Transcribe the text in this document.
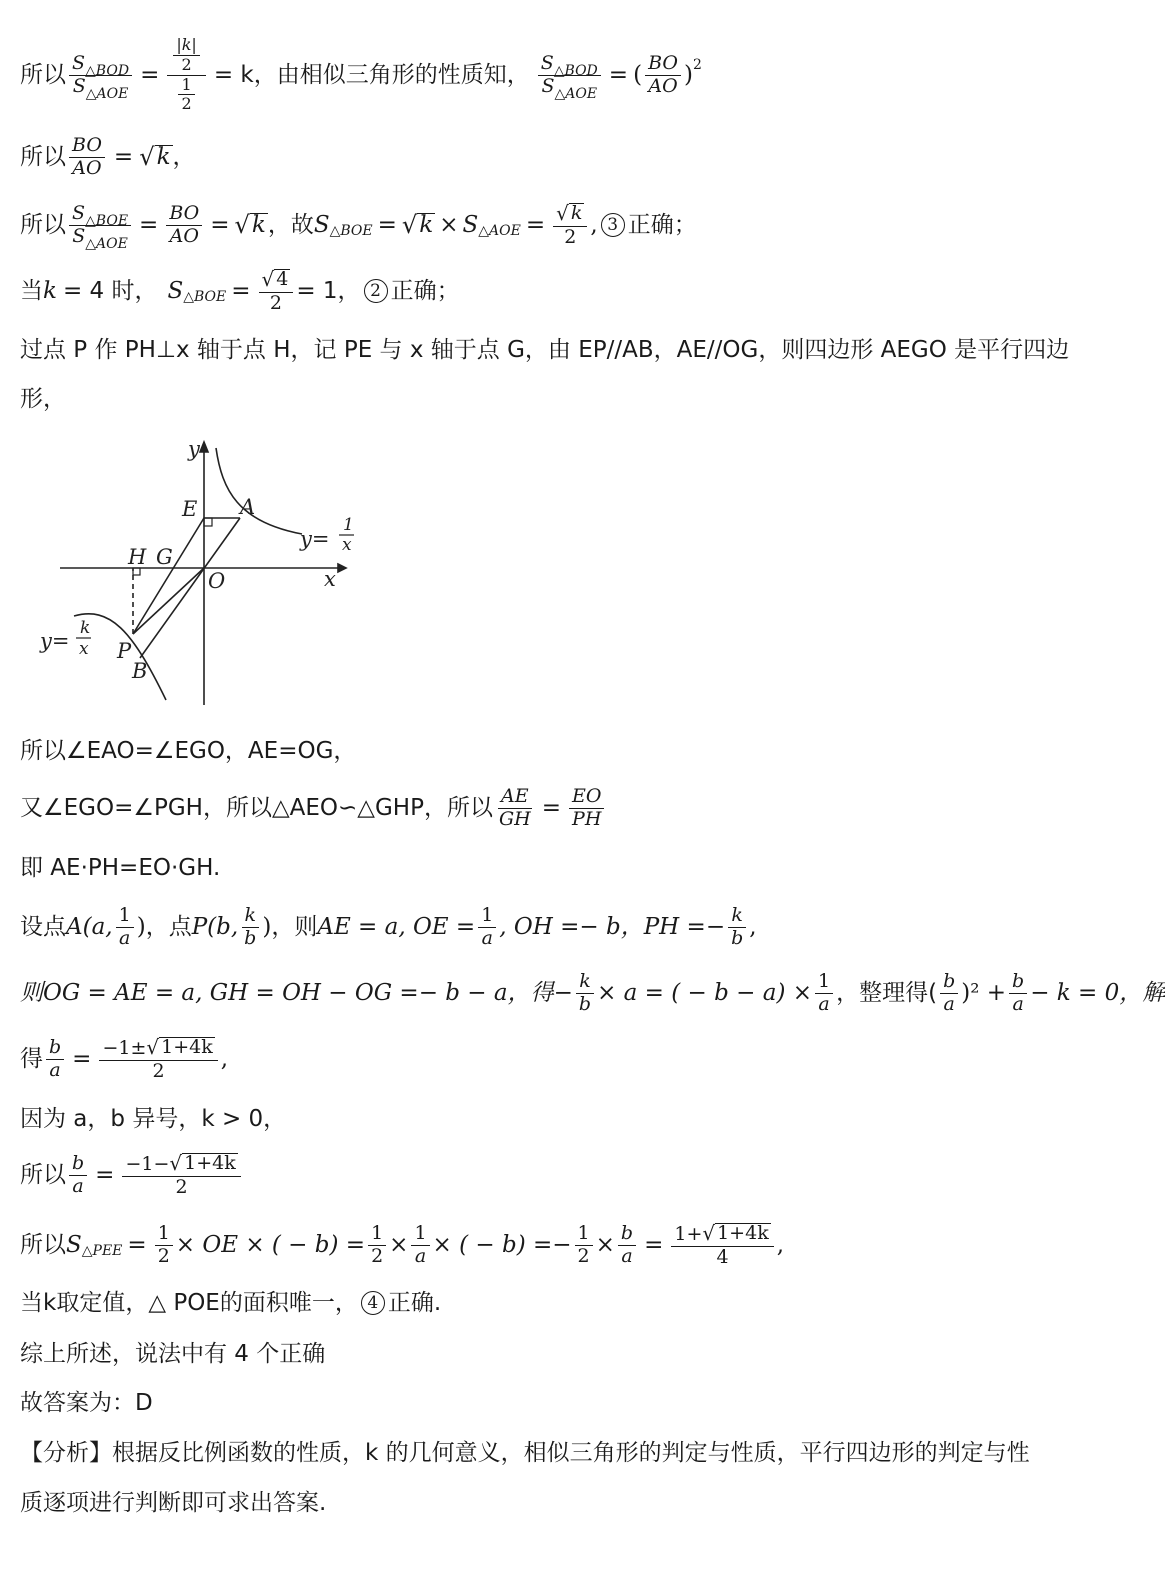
所以 $\frac{S_{\triangle BOD}}{S_{\triangle AOE}} = \frac{\frac{|k|}{2}}{\frac{1}{2}} = k$，由相似三角形的性质知， $\frac{S_{\triangle BOD}}{S_{\triangle AOE}}$ = ( $\frac{BO}{AO}$ ) 2
所以 $\frac{BO}{AO}$ = √ k ，
所以 $\frac{S_{\triangle BOE}}{S_{\triangle AOE}} = \frac{BO}{AO}$ = √ k ，故 S △BOE = √ k × S △AOE = $\frac{√ k}{2}$ , 3 正确；
当 k = 4 时， S △BOE = $\frac{√ 4}{2} = 1$， 2 正确；
过点 P 作 PH⊥x 轴于点 H，记 PE 与 x 轴于点 G，由 EP//AB，AE//OG，则四边形 AEGO 是平行四边
形，
y
x
O
E A
H G
P
B
y=
1
x
y=
k
x
所以∠EAO=∠EGO，AE=OG，
又∠EGO=∠PGH，所以△AEO∽△GHP，所以 $\frac{AE}{GH} = \frac{EO}{PH}$
即 AE·PH=EO·GH.
设点 A(a, $\frac{1}{a}$ ) ，点 P(b, $\frac{k}{b}$ ) ，则 AE = a, OE = $\frac{1}{a}$ , OH =− b，PH =− $\frac{k}{b}$ ,
则OG = AE = a, GH = OH − OG =− b − a，得− $\frac{k}{b} \times a$ = ( − $b - a) \times \frac{1}{a}$ ，整理得( $\frac{b}{a} )^2 + \frac{b}{a} - k = 0$，解
得 $\frac{b}{a} = \frac{-1\pm √ 1+4k}{2}$ ,
因为 a，b 异号，k > 0，
所以 $\frac{b}{a} = \frac{-1- √ 1+4k}{2}$
所以 S △PEE = $\frac{1}{2}$ × OE × ( − $b) = \frac{1}{2} \times \frac{1}{a}$ × ( − $b) =- \frac{1}{2} \times \frac{b}{a} = \frac{1+ √ 1+4k}{4}$ ,
当k取定值，△ POE的面积唯一， 4 正确.
综上所述，说法中有 4 个正确
故答案为：D
【分析】根据反比例函数的性质，k 的几何意义，相似三角形的判定与性质，平行四边形的判定与性
质逐项进行判断即可求出答案.
